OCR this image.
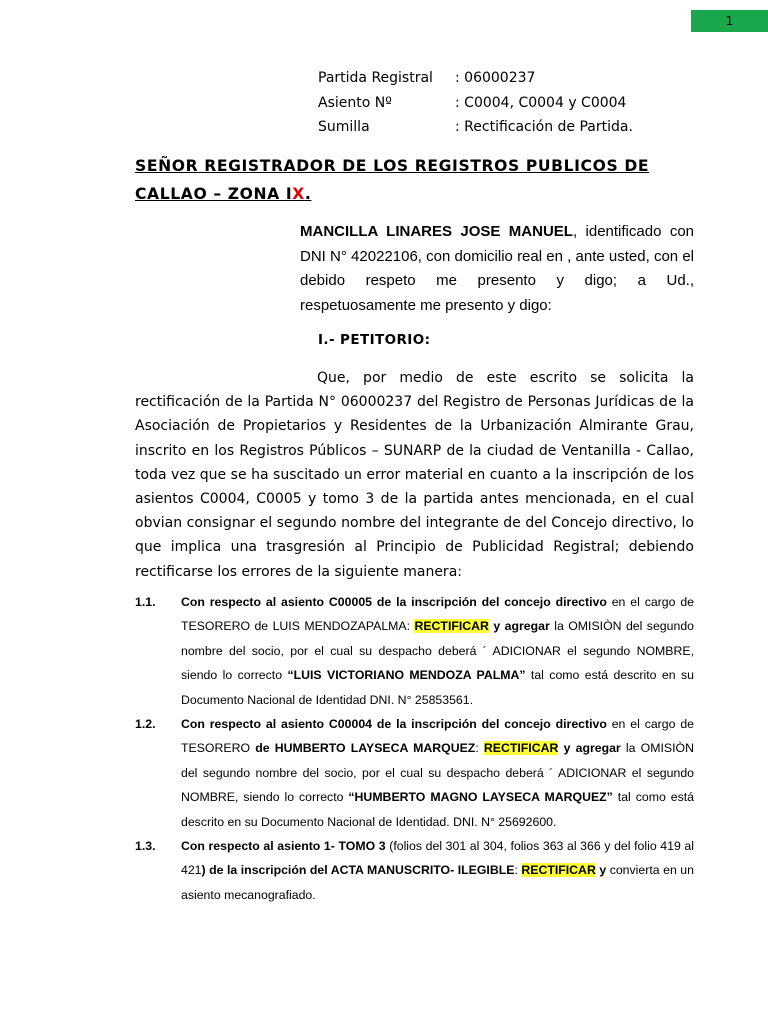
1
Partida Registral	: 06000237
Asiento Nº	: C0004, C0004 y C0004
Sumilla	: Rectificación de Partida.
SEÑOR REGISTRADOR DE LOS REGISTROS PUBLICOS DE
CALLAO – ZONA IX.
MANCILLA LINARES JOSE MANUEL, identificado con DNI N° 42022106, con domicilio real en , ante usted, con el debido respeto me presento y digo; a Ud., respetuosamente me presento y digo:
I.- PETITORIO:
Que, por medio de este escrito se solicita la rectificación de la Partida N° 06000237 del Registro de Personas Jurídicas de la Asociación de Propietarios y Residentes de la Urbanización Almirante Grau, inscrito en los Registros Públicos – SUNARP de la ciudad de Ventanilla - Callao, toda vez que se ha suscitado un error material en cuanto a la inscripción de los asientos C0004, C0005 y tomo 3 de la partida antes mencionada, en el cual obvian consignar el segundo nombre del integrante de del Concejo directivo, lo que implica una trasgresión al Principio de Publicidad Registral; debiendo rectificarse los errores de la siguiente manera:
1.1.	Con respecto al asiento C00005 de la inscripción del concejo directivo en el cargo de TESORERO de LUIS MENDOZAPALMA: RECTIFICAR y agregar la OMISIÒN del segundo nombre del socio, por el cual su despacho deberá ´ ADICIONAR el segundo NOMBRE, siendo lo correcto “LUIS VICTORIANO MENDOZA PALMA” tal como está descrito en su Documento Nacional de Identidad DNI. N° 25853561.
1.2.	Con respecto al asiento C00004 de la inscripción del concejo directivo en el cargo de TESORERO de HUMBERTO LAYSECA MARQUEZ: RECTIFICAR y agregar la OMISIÒN del segundo nombre del socio, por el cual su despacho deberá ´ ADICIONAR el segundo NOMBRE, siendo lo correcto “HUMBERTO MAGNO LAYSECA MARQUEZ” tal como está descrito en su Documento Nacional de Identidad. DNI. N° 25692600.
1.3.	Con respecto al asiento 1- TOMO 3 (folios del 301 al 304, folios 363 al 366 y del folio 419 al 421) de la inscripción del ACTA MANUSCRITO- ILEGIBLE: RECTIFICAR y convierta en un asiento mecanografiado.
